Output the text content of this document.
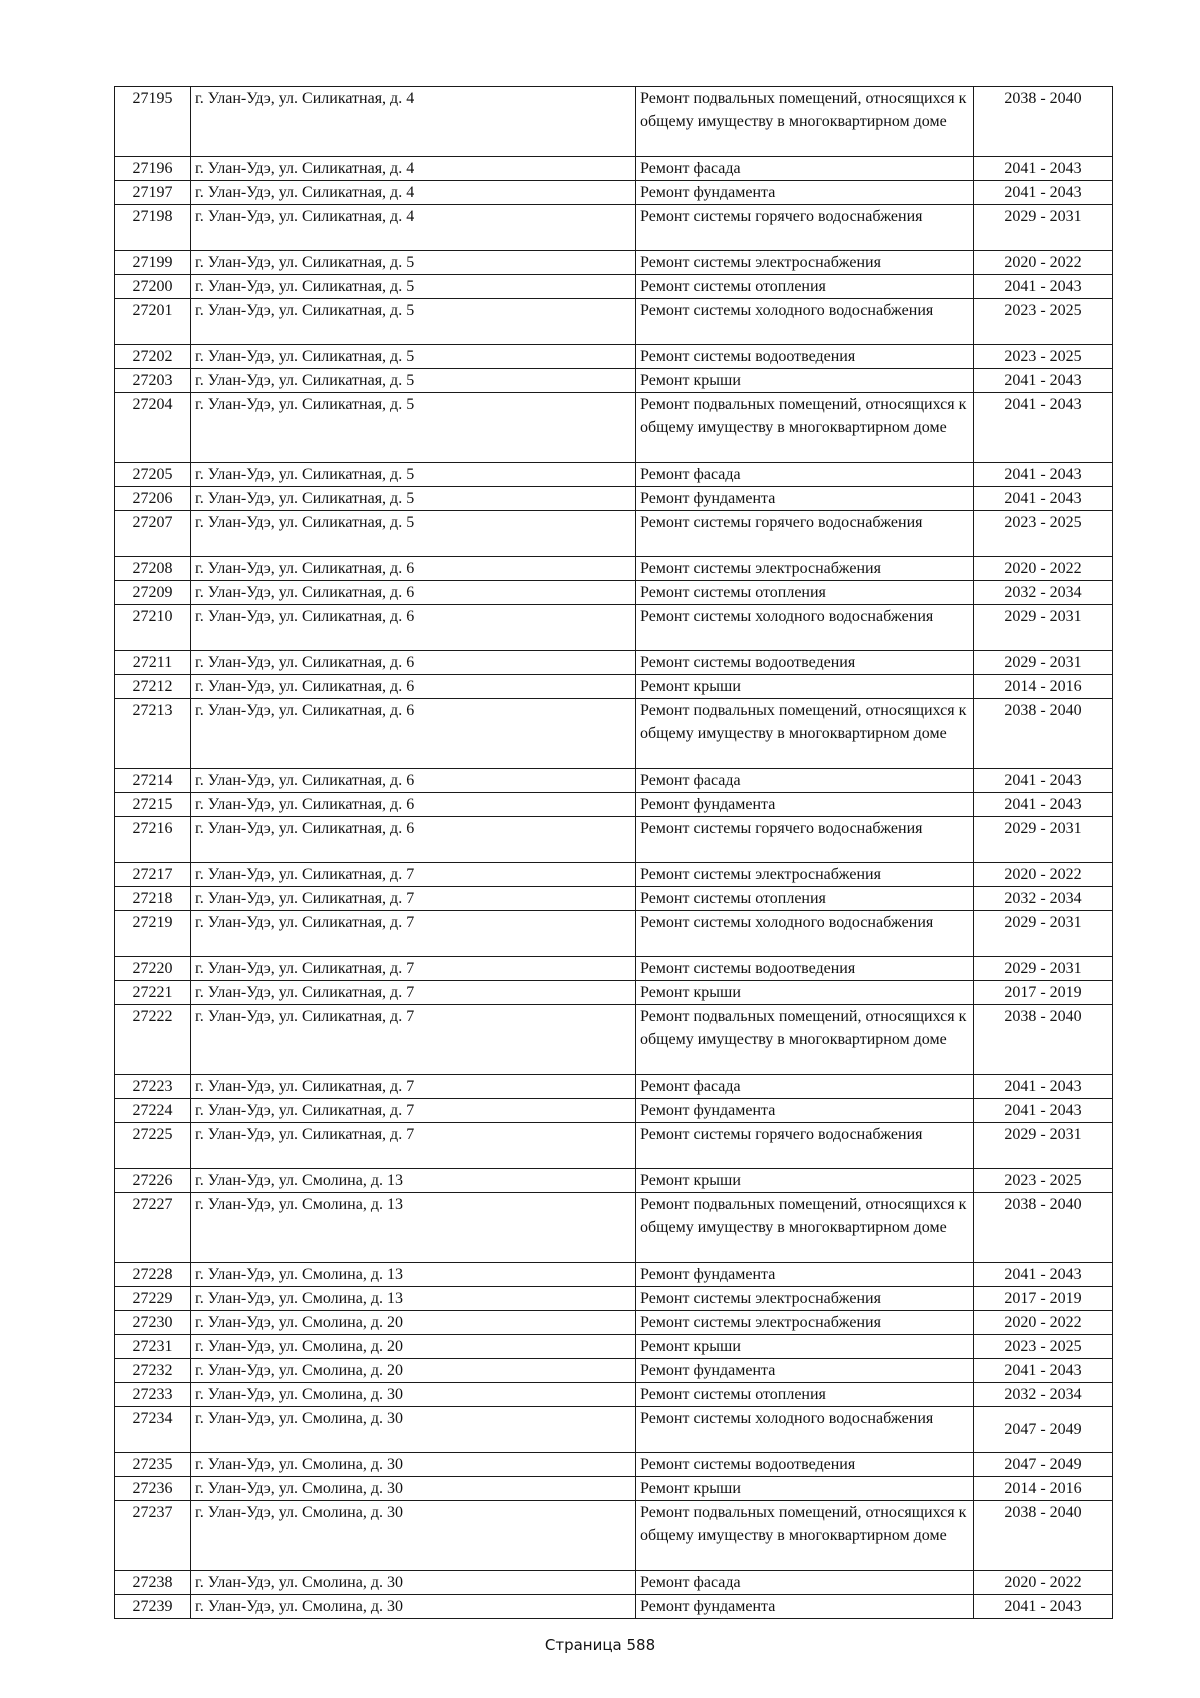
27195	г. Улан-Удэ, ул. Силикатная, д. 4	Ремонт подвальных помещений, относящихся к общему имуществу в многоквартирном доме	2038 - 2040
27196	г. Улан-Удэ, ул. Силикатная, д. 4	Ремонт фасада	2041 - 2043
27197	г. Улан-Удэ, ул. Силикатная, д. 4	Ремонт фундамента	2041 - 2043
27198	г. Улан-Удэ, ул. Силикатная, д. 4	Ремонт системы горячего водоснабжения	2029 - 2031
27199	г. Улан-Удэ, ул. Силикатная, д. 5	Ремонт системы электроснабжения	2020 - 2022
27200	г. Улан-Удэ, ул. Силикатная, д. 5	Ремонт системы отопления	2041 - 2043
27201	г. Улан-Удэ, ул. Силикатная, д. 5	Ремонт системы холодного водоснабжения	2023 - 2025
27202	г. Улан-Удэ, ул. Силикатная, д. 5	Ремонт системы водоотведения	2023 - 2025
27203	г. Улан-Удэ, ул. Силикатная, д. 5	Ремонт крыши	2041 - 2043
27204	г. Улан-Удэ, ул. Силикатная, д. 5	Ремонт подвальных помещений, относящихся к общему имуществу в многоквартирном доме	2041 - 2043
27205	г. Улан-Удэ, ул. Силикатная, д. 5	Ремонт фасада	2041 - 2043
27206	г. Улан-Удэ, ул. Силикатная, д. 5	Ремонт фундамента	2041 - 2043
27207	г. Улан-Удэ, ул. Силикатная, д. 5	Ремонт системы горячего водоснабжения	2023 - 2025
27208	г. Улан-Удэ, ул. Силикатная, д. 6	Ремонт системы электроснабжения	2020 - 2022
27209	г. Улан-Удэ, ул. Силикатная, д. 6	Ремонт системы отопления	2032 - 2034
27210	г. Улан-Удэ, ул. Силикатная, д. 6	Ремонт системы холодного водоснабжения	2029 - 2031
27211	г. Улан-Удэ, ул. Силикатная, д. 6	Ремонт системы водоотведения	2029 - 2031
27212	г. Улан-Удэ, ул. Силикатная, д. 6	Ремонт крыши	2014 - 2016
27213	г. Улан-Удэ, ул. Силикатная, д. 6	Ремонт подвальных помещений, относящихся к общему имуществу в многоквартирном доме	2038 - 2040
27214	г. Улан-Удэ, ул. Силикатная, д. 6	Ремонт фасада	2041 - 2043
27215	г. Улан-Удэ, ул. Силикатная, д. 6	Ремонт фундамента	2041 - 2043
27216	г. Улан-Удэ, ул. Силикатная, д. 6	Ремонт системы горячего водоснабжения	2029 - 2031
27217	г. Улан-Удэ, ул. Силикатная, д. 7	Ремонт системы электроснабжения	2020 - 2022
27218	г. Улан-Удэ, ул. Силикатная, д. 7	Ремонт системы отопления	2032 - 2034
27219	г. Улан-Удэ, ул. Силикатная, д. 7	Ремонт системы холодного водоснабжения	2029 - 2031
27220	г. Улан-Удэ, ул. Силикатная, д. 7	Ремонт системы водоотведения	2029 - 2031
27221	г. Улан-Удэ, ул. Силикатная, д. 7	Ремонт крыши	2017 - 2019
27222	г. Улан-Удэ, ул. Силикатная, д. 7	Ремонт подвальных помещений, относящихся к общему имуществу в многоквартирном доме	2038 - 2040
27223	г. Улан-Удэ, ул. Силикатная, д. 7	Ремонт фасада	2041 - 2043
27224	г. Улан-Удэ, ул. Силикатная, д. 7	Ремонт фундамента	2041 - 2043
27225	г. Улан-Удэ, ул. Силикатная, д. 7	Ремонт системы горячего водоснабжения	2029 - 2031
27226	г. Улан-Удэ, ул. Смолина, д. 13	Ремонт крыши	2023 - 2025
27227	г. Улан-Удэ, ул. Смолина, д. 13	Ремонт подвальных помещений, относящихся к общему имуществу в многоквартирном доме	2038 - 2040
27228	г. Улан-Удэ, ул. Смолина, д. 13	Ремонт фундамента	2041 - 2043
27229	г. Улан-Удэ, ул. Смолина, д. 13	Ремонт системы электроснабжения	2017 - 2019
27230	г. Улан-Удэ, ул. Смолина, д. 20	Ремонт системы электроснабжения	2020 - 2022
27231	г. Улан-Удэ, ул. Смолина, д. 20	Ремонт крыши	2023 - 2025
27232	г. Улан-Удэ, ул. Смолина, д. 20	Ремонт фундамента	2041 - 2043
27233	г. Улан-Удэ, ул. Смолина, д. 30	Ремонт системы отопления	2032 - 2034
27234	г. Улан-Удэ, ул. Смолина, д. 30	Ремонт системы холодного водоснабжения	2047 - 2049
27235	г. Улан-Удэ, ул. Смолина, д. 30	Ремонт системы водоотведения	2047 - 2049
27236	г. Улан-Удэ, ул. Смолина, д. 30	Ремонт крыши	2014 - 2016
27237	г. Улан-Удэ, ул. Смолина, д. 30	Ремонт подвальных помещений, относящихся к общему имуществу в многоквартирном доме	2038 - 2040
27238	г. Улан-Удэ, ул. Смолина, д. 30	Ремонт фасада	2020 - 2022
27239	г. Улан-Удэ, ул. Смолина, д. 30	Ремонт фундамента	2041 - 2043
Страница 588
